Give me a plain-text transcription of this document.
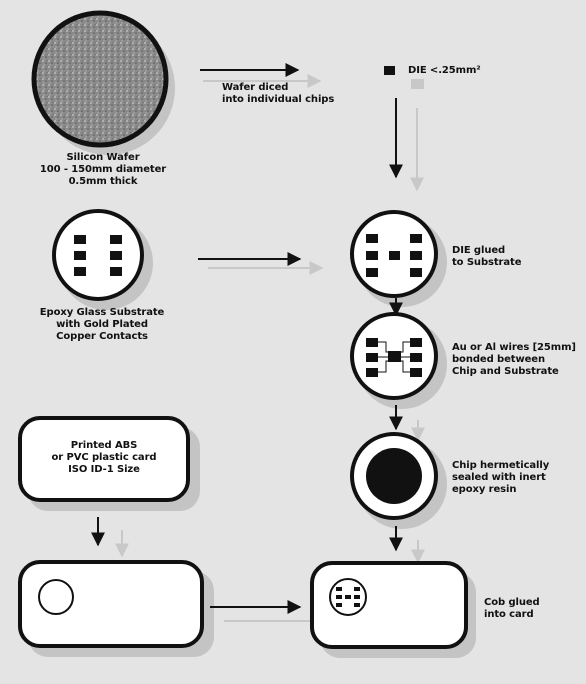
Silicon Wafer
100 - 150mm diameter
0.5mm thick
Wafer diced
into individual chips
DIE <.25mm²
Epoxy Glass Substrate
with Gold Plated
Copper Contacts
DIE glued
to Substrate
Au or Al wires [25mm]
bonded between
Chip and Substrate
Chip hermetically
sealed with inert
epoxy resin
Printed ABS
or PVC plastic card
ISO ID-1 Size
Cob glued
into card
